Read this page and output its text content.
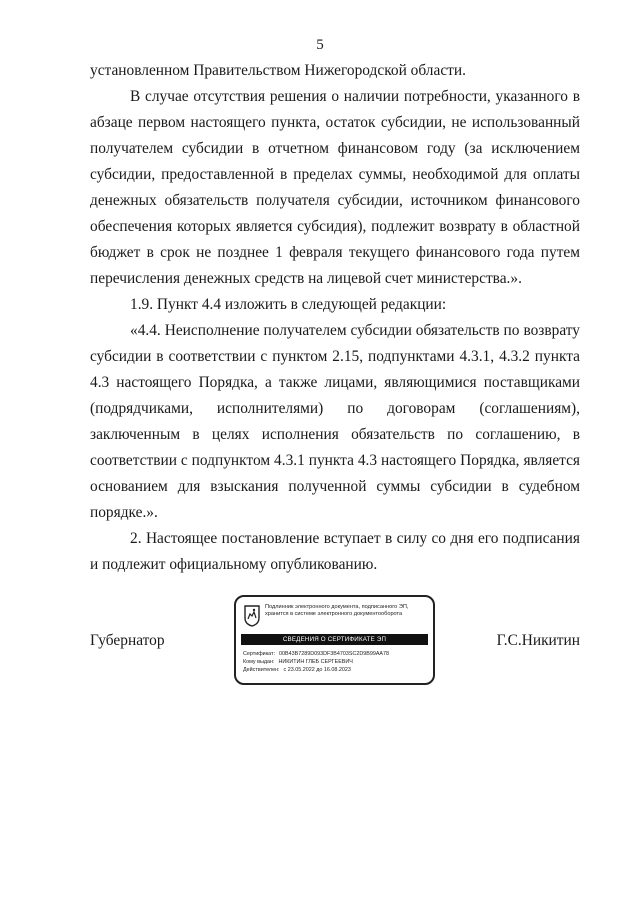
5

установленном Правительством Нижегородской области.

В случае отсутствия решения о наличии потребности, указанного в абзаце первом настоящего пункта, остаток субсидии, не использованный получателем субсидии в отчетном финансовом году (за исключением субсидии, предоставленной в пределах суммы, необходимой для оплаты денежных обязательств получателя субсидии, источником финансового обеспечения которых является субсидия), подлежит возврату в областной бюджет в срок не позднее 1 февраля текущего финансового года путем перечисления денежных средств на лицевой счет министерства.».

1.9. Пункт 4.4 изложить в следующей редакции:

«4.4. Неисполнение получателем субсидии обязательств по возврату субсидии в соответствии с пунктом 2.15, подпунктами 4.3.1, 4.3.2 пункта 4.3 настоящего Порядка, а также лицами, являющимися поставщиками (подрядчиками, исполнителями) по договорам (соглашениям), заключенным в целях исполнения обязательств по соглашению, в соответствии с подпунктом 4.3.1 пункта 4.3 настоящего Порядка, является основанием для взыскания полученной суммы субсидии в судебном порядке.».

2. Настоящее постановление вступает в силу со дня его подписания и подлежит официальному опубликованию.

Губернатор	Г.С.Никитин
Подлинник электронного документа, подписанного ЭП,
хранится в системе электронного документооборота
СВЕДЕНИЯ О СЕРТИФИКАТЕ ЭП
Сертификат: 00B43B7289D093DF3B4703SC2D9B99AA78
Кому выдан: НИКИТИН ГЛЕБ СЕРГЕЕВИЧ
Действителен: с 23.05.2022 до 16.08.2023
